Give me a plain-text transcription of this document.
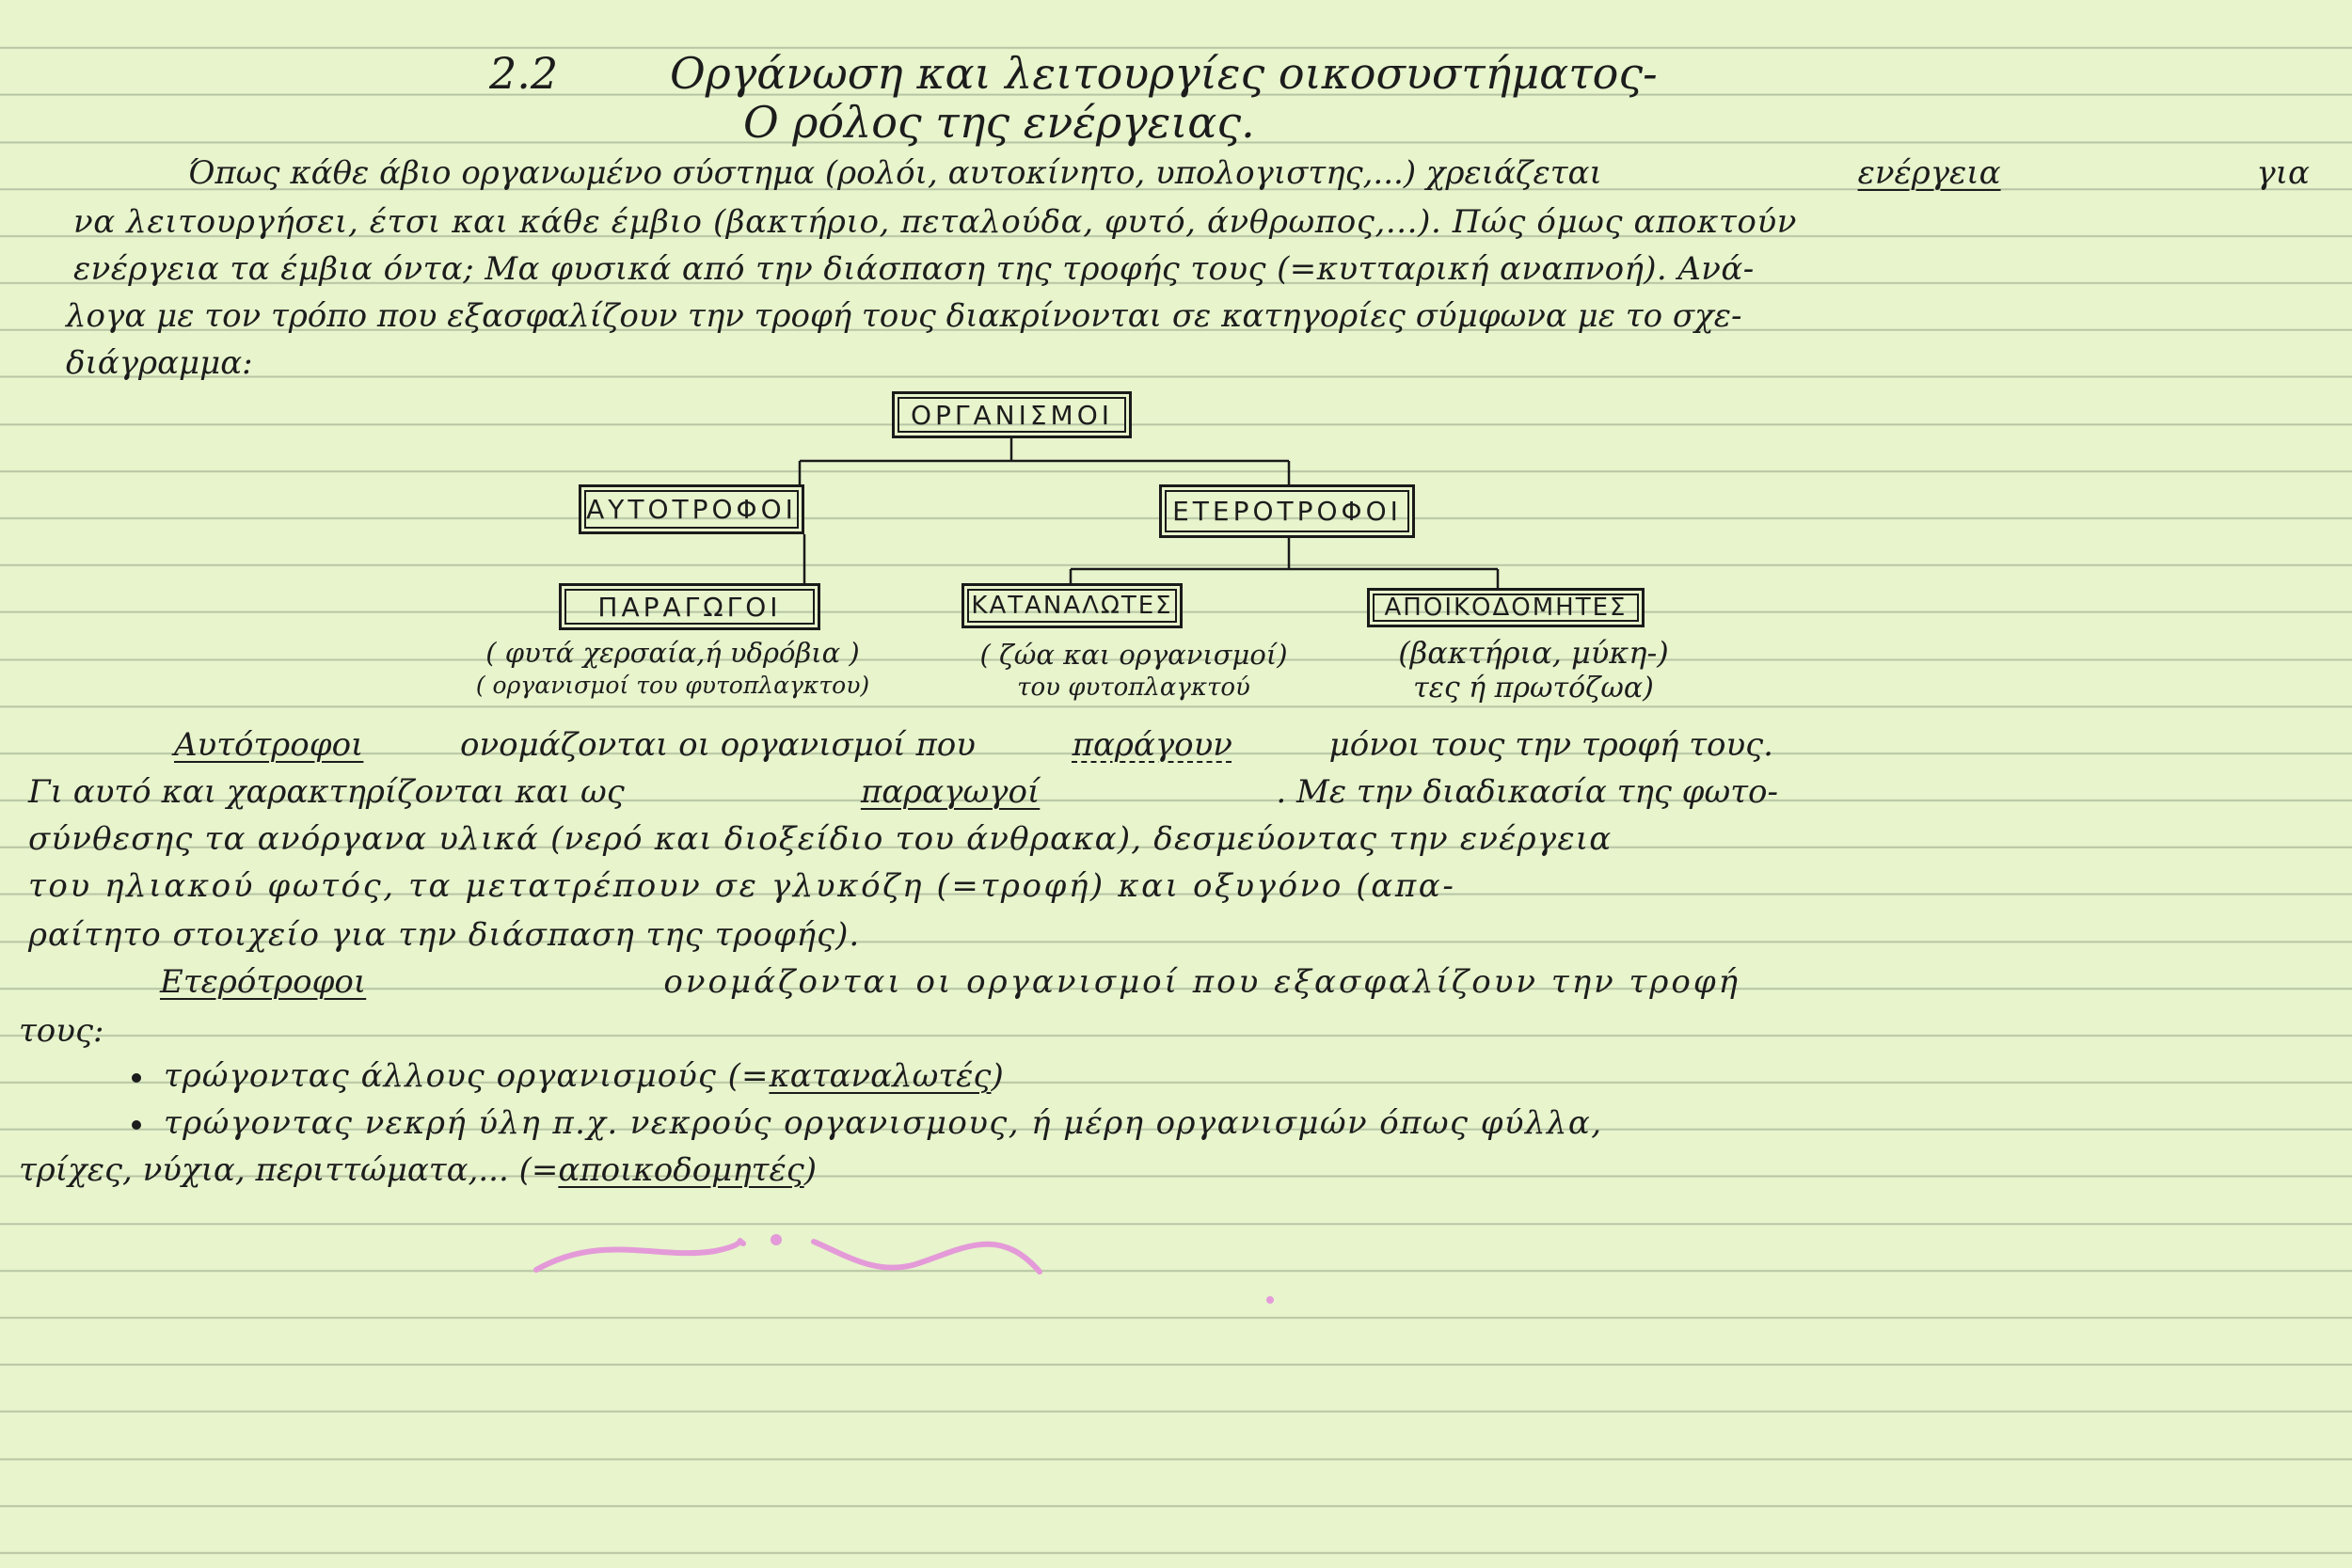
2.2	Οργάνωση και λειτουργίες οικοσυστήματος-
Ο ρόλος της ενέργειας.
Όπως κάθε άβιο οργανωμένο σύστημα (ρολόι, αυτοκίνητο, υπολογιστης,...) χρειάζεται	ενέργεια	για
να λειτουργήσει, έτσι και κάθε έμβιο (βακτήριο, πεταλούδα, φυτό, άνθρωπος,...). Πώς όμως αποκτούν
ενέργεια τα έμβια όντα; Μα φυσικά από την διάσπαση της τροφής τους (=κυτταρική αναπνοή). Ανά-
λογα με τον τρόπο που εξασφαλίζουν την τροφή τους διακρίνονται σε κατηγορίες σύμφωνα με το σχε-
διάγραμμα:
ΟΡΓΑΝΙΣΜΟΙ
ΑΥΤΟΤΡΟΦΟΙ	ΕΤΕΡΟΤΡΟΦΟΙ
ΠΑΡΑΓΩΓΟΙ	ΚΑΤΑΝΑΛΩΤΕΣ	ΑΠΟΙΚΟΔΟΜΗΤΕΣ
( φυτά χερσαία,ή υδρόβια )
( οργανισμοί του φυτοπλαγκτου)
( ζώα και οργανισμοί)
του φυτοπλαγκτού
(βακτήρια, μύκη-)
τες ή πρωτόζωα)
Αυτότροφοι	ονομάζονται οι οργανισμοί που	παράγουν	μόνοι τους την τροφή τους.
Γι αυτό και χαρακτηρίζονται και ως	παραγωγοί	. Με την διαδικασία της φωτο-
σύνθεσης τα ανόργανα υλικά (νερό και διοξείδιο του άνθρακα), δεσμεύοντας την ενέργεια
του ηλιακού φωτός, τα μετατρέπουν σε γλυκόζη (=τροφή) και οξυγόνο (απα-
ραίτητο στοιχείο για την διάσπαση της τροφής).
Ετερότροφοι	ονομάζονται οι οργανισμοί που εξασφαλίζουν την τροφή
τους:
τρώγοντας άλλους οργανισμούς (=καταναλωτές)
τρώγοντας νεκρή ύλη π.χ. νεκρούς οργανισμους, ή μέρη οργανισμών όπως φύλλα,
τρίχες, νύχια, περιττώματα,... (=αποικοδομητές)
